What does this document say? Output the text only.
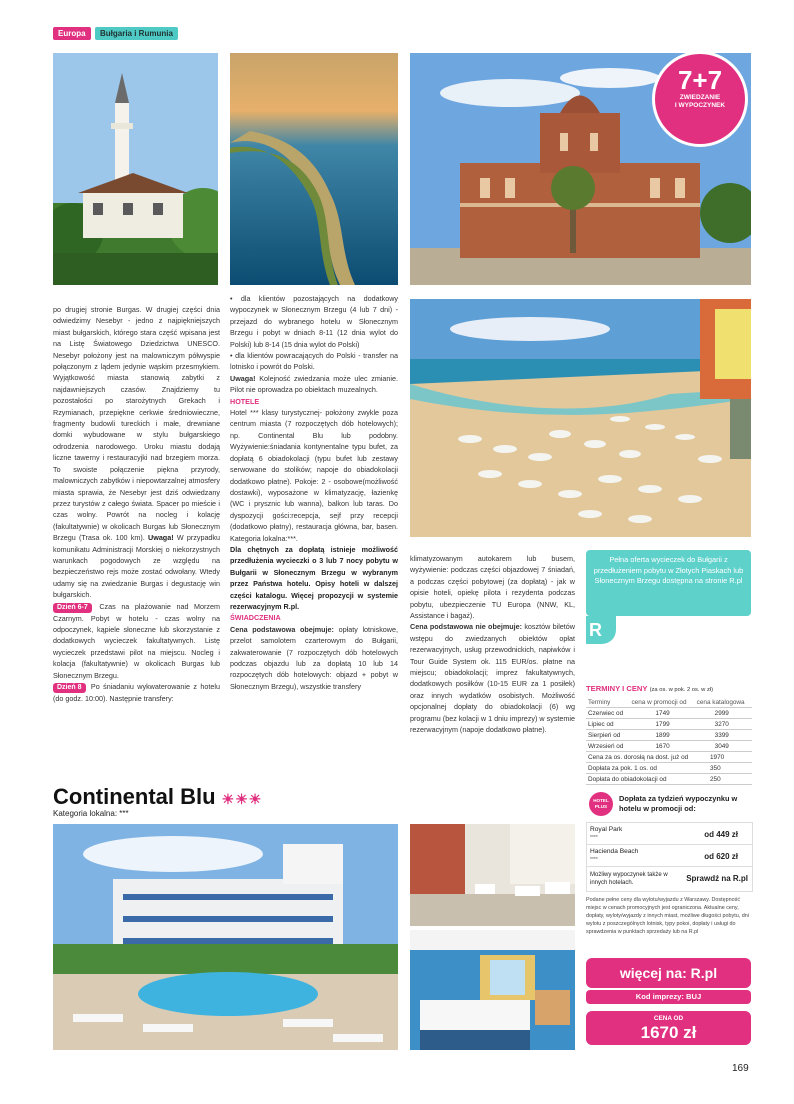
Europa	Bułgaria i Rumunia
7+7
ZWIEDZANIE
I WYPOCZYNEK

po drugiej stronie Burgas. W drugiej części dnia odwiedzimy Nesebyr - jedno z najpiękniejszych miast bułgarskich, którego stara część wpisana jest na Listę Światowego Dziedzictwa UNESCO. Nesebyr położony jest na malowniczym półwyspie połączonym z lądem jedynie wąskim przesmykiem. Wyjątkowość miasta stanowią zabytki z najdawniejszych czasów. Znajdziemy tu pozostałości po starożytnych Grekach i Rzymianach, przepiękne cerkwie średniowieczne, fragmenty budowli tureckich i małe, drewniane domki wybudowane w stylu bułgarskiego odrodzenia narodowego. Uroku miastu dodają liczne tawerny i restauracyjki nad brzegiem morza. To swoiste połączenie piękna przyrody, malowniczych zabytków i niepowtarzalnej atmosfery miasta sprawia, że Nesebyr jest dziś odwiedzany przez turystów z całego świata. Spacer po mieście i czas wolny. Powrót na nocleg i kolację (fakultatywnie) w okolicach Burgas lub Słonecznym Brzegu (Trasa ok. 100 km). Uwaga! W przypadku komunikatu Administracji Morskiej o niekorzystnych warunkach pogodowych ze względu na bezpieczeństwo rejs może zostać odwołany. Wtedy udamy się na zwiedzanie Burgas i degustację win bułgarskich.

Dzień 6-7 Czas na plażowanie nad Morzem Czarnym. Pobyt w hotelu - czas wolny na odpoczynek, kąpiele słoneczne lub skorzystanie z dodatkowych wycieczek fakultatywnych. Listę wycieczek przedstawi pilot na miejscu. Nocleg i kolacja (fakultatywnie) w okolicach Burgas lub Słonecznym Brzegu.

Dzień 8 Po śniadaniu wykwaterowanie z hotelu (do godz. 10:00). Następnie transfery:

• dla klientów pozostających na dodatkowy wypoczynek w Słonecznym Brzegu (4 lub 7 dni) - przejazd do wybranego hotelu w Słonecznym Brzegu i pobyt w dniach 8-11 (12 dnia wylot do Polski) lub 8-14 (15 dnia wylot do Polski)

• dla klientów powracających do Polski - transfer na lotnisko i powrót do Polski.

Uwaga! Kolejność zwiedzania może ulec zmianie. Pilot nie oprowadza po obiektach muzealnych.

HOTELE

Hotel *** klasy turystycznej- położony zwykle poza centrum miasta (7 rozpoczętych dób hotelowych); np. Continental Blu lub podobny. Wyżywienie:śniadania kontynentalne typu bufet, za dopłatą 6 obiadokolacji (typu bufet lub zestawy serwowane do stolików; napoje do obiadokolacji dodatkowo płatne). Pokoje: 2 - osobowe(możliwość dostawki), wyposażone w klimatyzację, łazienkę (WC i prysznic lub wanna), balkon lub taras. Do dyspozycji gości:recepcja, sejf przy recepcji (dodatkowo płatny), restauracja główna, bar, basen. Kategoria lokalna:***.

Dla chętnych za dopłatą istnieje możliwość przedłużenia wycieczki o 3 lub 7 nocy pobytu w Bułgarii w Słonecznym Brzegu w wybranym przez Państwa hotelu. Opisy hoteli w dalszej części katalogu. Więcej propozycji w systemie rezerwacyjnym R.pl.

ŚWIADCZENIA

Cena podstawowa obejmuje: opłaty lotniskowe, przelot samolotem czarterowym do Bułgarii, zakwaterowanie (7 rozpoczętych dób hotelowych podczas objazdu lub za dopłatą 10 lub 14 rozpoczętych dób hotelowych: objazd + pobyt w Słonecznym Brzegu), wszystkie transfery

klimatyzowanym autokarem lub busem, wyżywienie: podczas części objazdowej 7 śniadań, a podczas części pobytowej (za dopłatą) - jak w opisie hoteli, opiekę pilota i rezydenta podczas pobytu, ubezpieczenie TU Europa (NNW, KL, Assistance i bagaż).

Cena podstawowa nie obejmuje: kosztów biletów wstępu do zwiedzanych obiektów opłat rezerwacyjnych, usług przewodnickich, napiwków i Tour Guide System ok. 115 EUR/os. płatne na miejscu; obiadokolacji; imprez fakultatywnych, dodatkowych posiłków (10-15 EUR za 1 posiłek) oraz innych wydatków osobistych. Możliwość opcjonalnej dopłaty do obiadokolacji (6) wg programu (bez kolacji w 1 dniu imprezy) w systemie rezerwacyjnym (napoje dodatkowo płatne).

Pełna oferta wycieczek do Bułgarii z przedłużeniem pobytu w Złotych Piaskach lub Słonecznym Brzegu dostępna na stronie R.pl
R
TERMINY I CENY (za os. w pok. 2 os. w zł)
Terminy	cena w promocji od	cena katalogowa
Czerwiec od	1749	2999
Lipiec od	1799	3270
Sierpień od	1899	3399
Wrzesień od	1670	3049
Cena za os. dorosłą na dost. już od	1970
Dopłata za pok. 1 os. od	350
Dopłata do obiadokolacji od	250
Continental Blu ☀☀☀
Kategoria lokalna: ***
HOTEL
PLUS
Dopłata za tydzień wypoczynku w hotelu w promocji od:
Royal Park
****	od 449 zł
Hacienda Beach
****	od 620 zł
Możliwy wypoczynek także w innych hotelach.	Sprawdź na R.pl
Podane pełne ceny dla wylotu/wyjazdu z Warszawy. Dostępność miejsc w cenach promocyjnych jest ograniczona. Aktualne ceny, dopłaty, wyloty/wyjazdy z innych miast, możliwe długości pobytu, dni wylotu z poszczególnych lotnisk, typy pokoi, dopłaty i usługi do sprawdzenia w punktach sprzedaży lub na R.pl
więcej na: R.pl
Kod imprezy: BUJ
CENA OD
1670 zł
169
